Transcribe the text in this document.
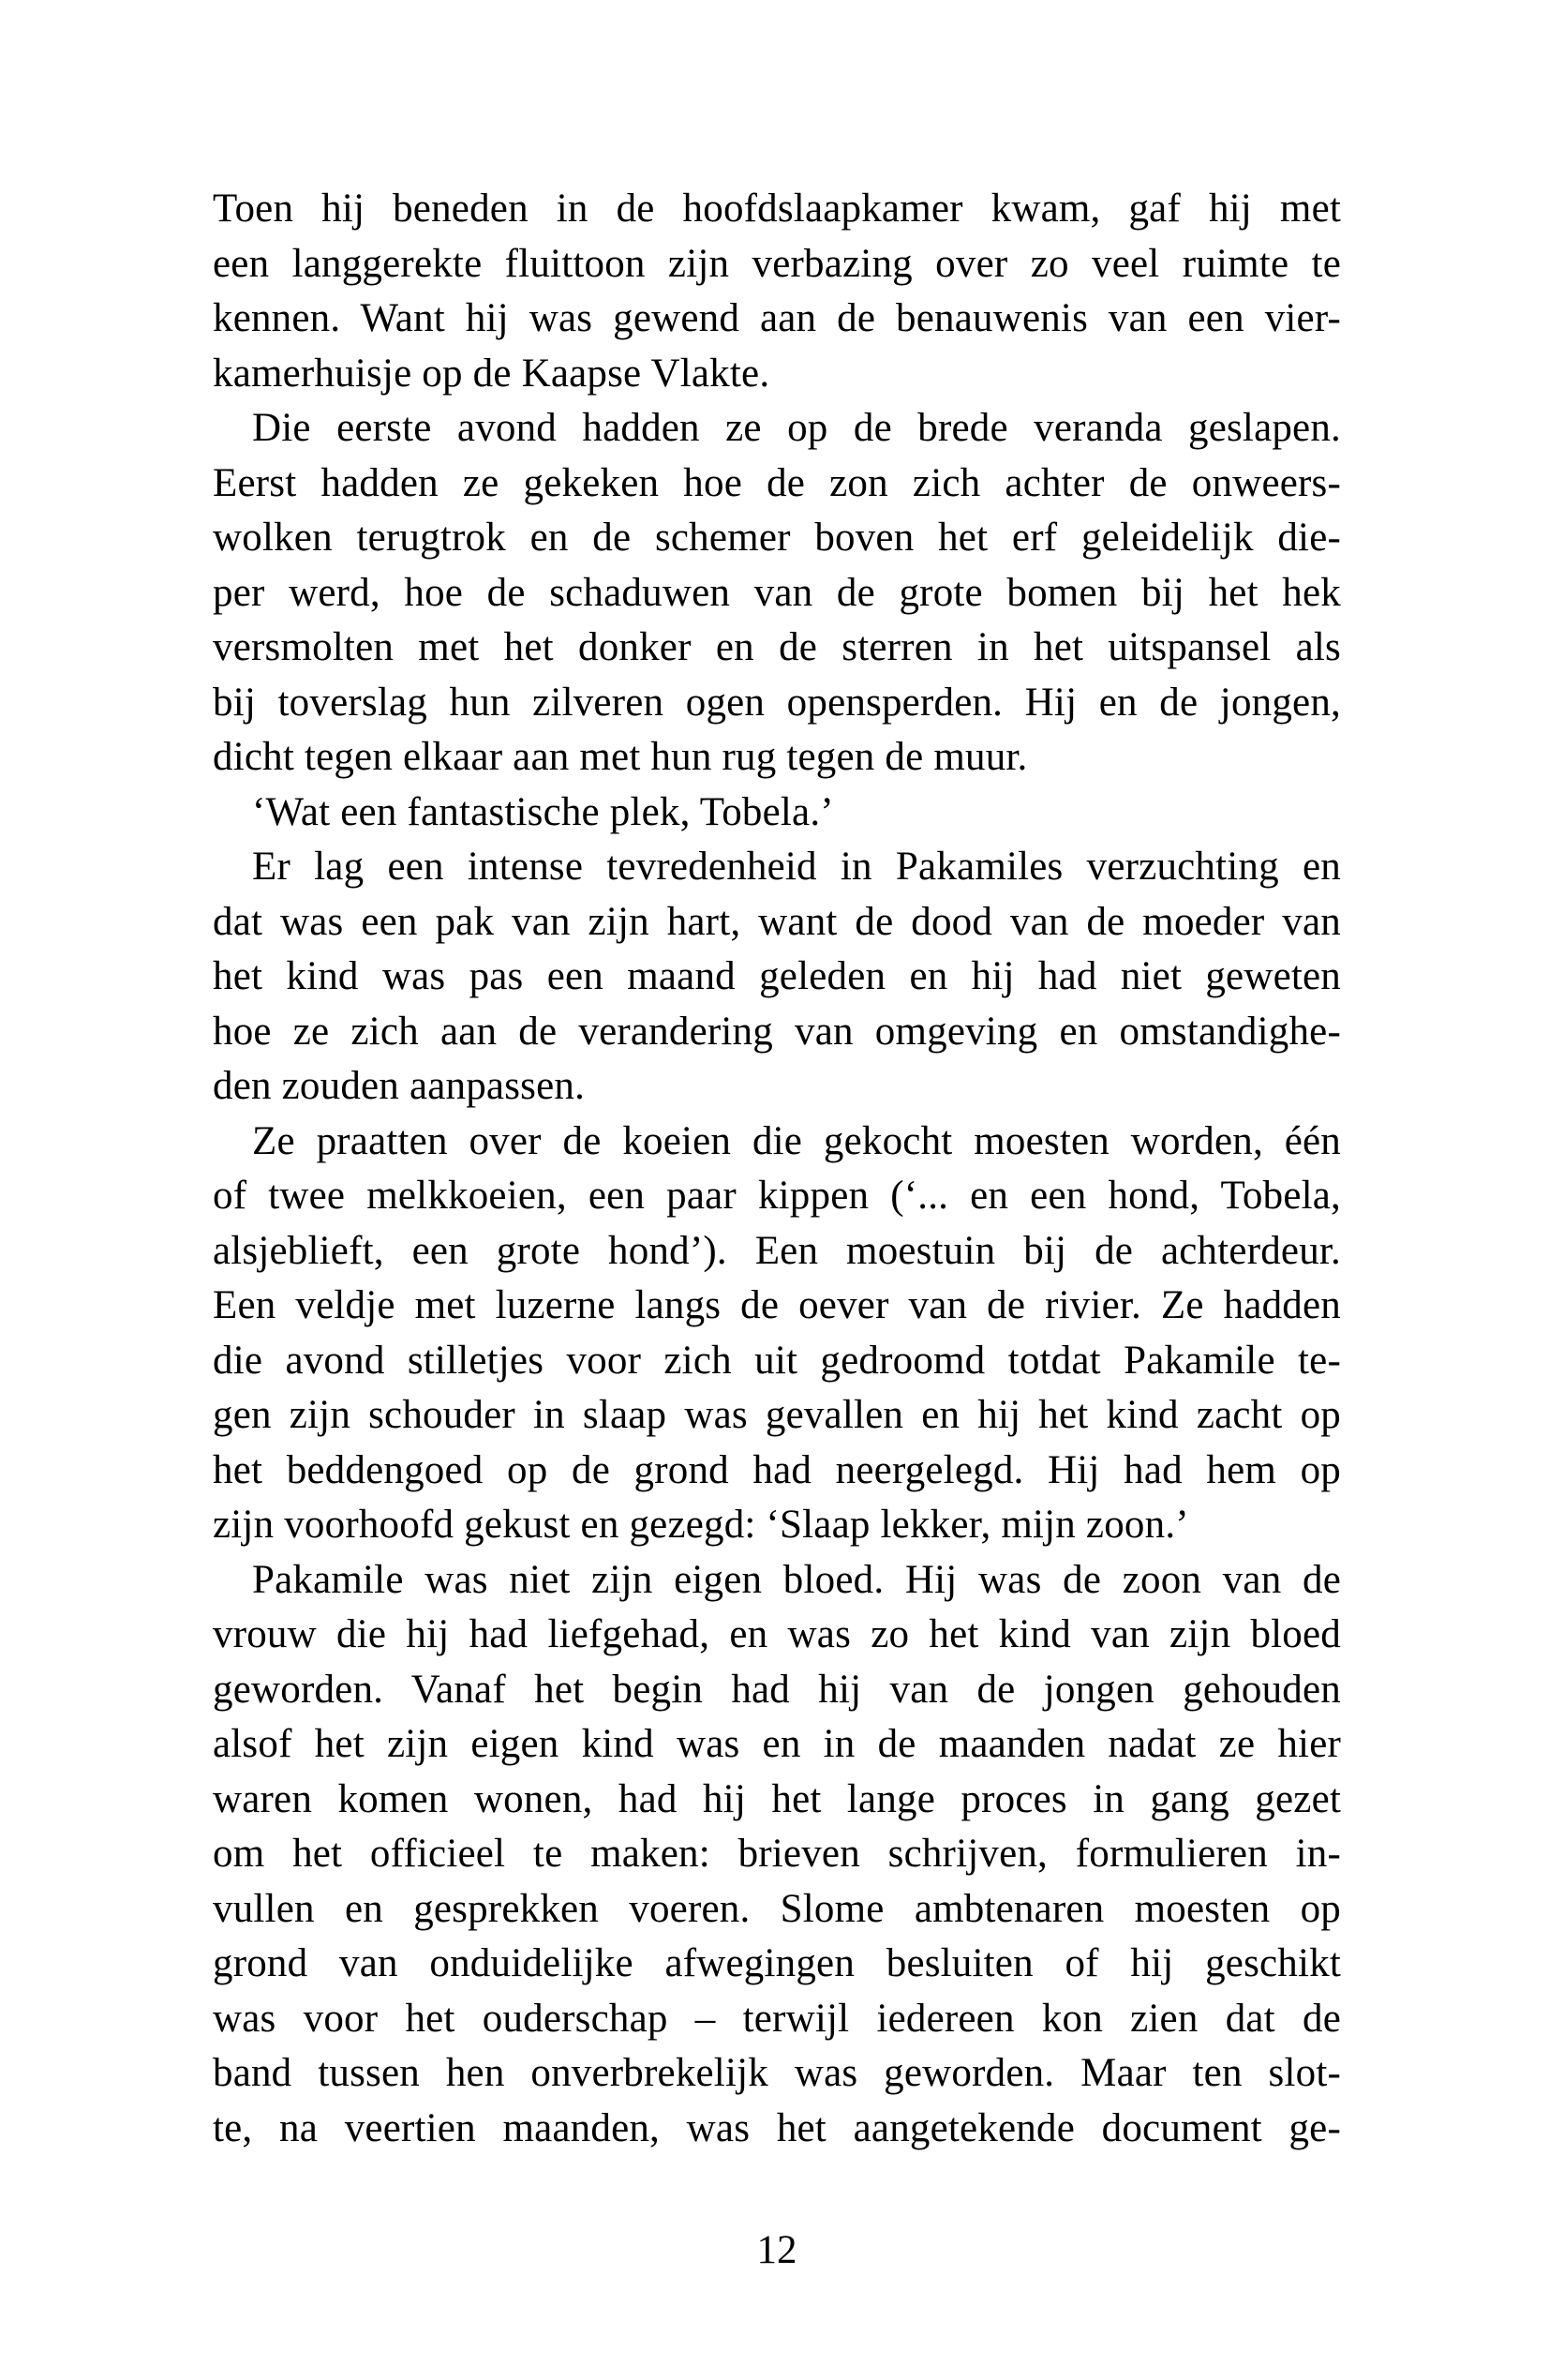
Toen hij beneden in de hoofdslaapkamer kwam, gaf hij met
een langgerekte fluittoon zijn verbazing over zo veel ruimte te
kennen. Want hij was gewend aan de benauwenis van een vier-
kamerhuisje op de Kaapse Vlakte.
Die eerste avond hadden ze op de brede veranda geslapen.
Eerst hadden ze gekeken hoe de zon zich achter de onweers-
wolken terugtrok en de schemer boven het erf geleidelijk die-
per werd, hoe de schaduwen van de grote bomen bij het hek
versmolten met het donker en de sterren in het uitspansel als
bij toverslag hun zilveren ogen opensperden. Hij en de jongen,
dicht tegen elkaar aan met hun rug tegen de muur.
‘Wat een fantastische plek, Tobela.’
Er lag een intense tevredenheid in Pakamiles verzuchting en
dat was een pak van zijn hart, want de dood van de moeder van
het kind was pas een maand geleden en hij had niet geweten
hoe ze zich aan de verandering van omgeving en omstandighe-
den zouden aanpassen.
Ze praatten over de koeien die gekocht moesten worden, één
of twee melkkoeien, een paar kippen (‘... en een hond, Tobela,
alsjeblieft, een grote hond’). Een moestuin bij de achterdeur.
Een veldje met luzerne langs de oever van de rivier. Ze hadden
die avond stilletjes voor zich uit gedroomd totdat Pakamile te-
gen zijn schouder in slaap was gevallen en hij het kind zacht op
het beddengoed op de grond had neergelegd. Hij had hem op
zijn voorhoofd gekust en gezegd: ‘Slaap lekker, mijn zoon.’
Pakamile was niet zijn eigen bloed. Hij was de zoon van de
vrouw die hij had liefgehad, en was zo het kind van zijn bloed
geworden. Vanaf het begin had hij van de jongen gehouden
alsof het zijn eigen kind was en in de maanden nadat ze hier
waren komen wonen, had hij het lange proces in gang gezet
om het officieel te maken: brieven schrijven, formulieren in-
vullen en gesprekken voeren. Slome ambtenaren moesten op
grond van onduidelijke afwegingen besluiten of hij geschikt
was voor het ouderschap – terwijl iedereen kon zien dat de
band tussen hen onverbrekelijk was geworden. Maar ten slot-
te, na veertien maanden, was het aangetekende document ge-
12
